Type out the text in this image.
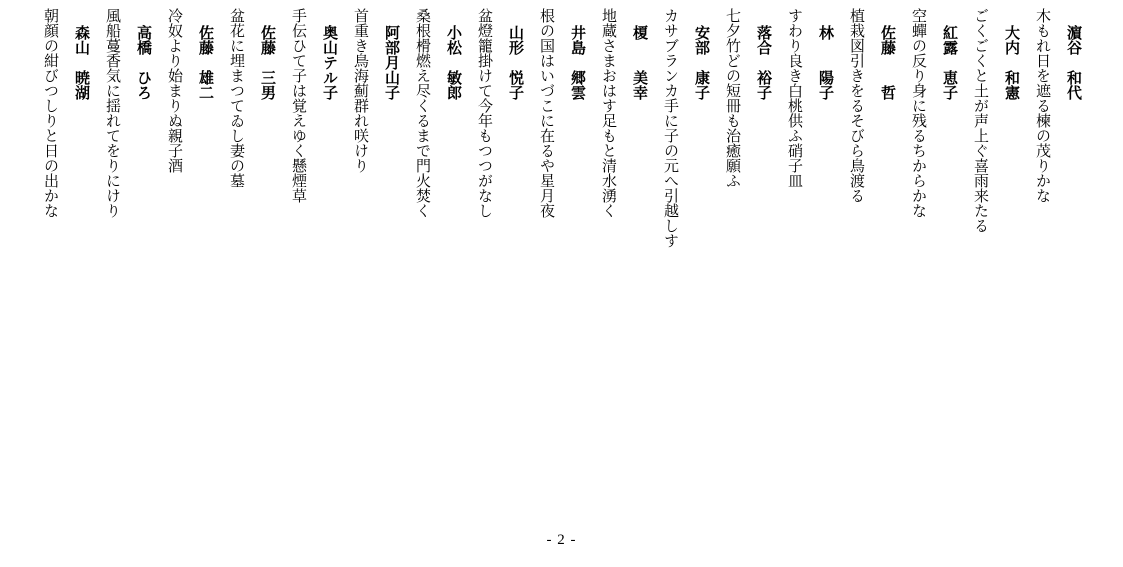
濵谷　和代
木もれ日を遮る楝の茂りかな
大内　和憲
ごくごくと土が声上ぐ喜雨来たる
紅露　恵子
空蟬の反り身に残るちからかな
佐藤　　哲
植栽図引きをるそびら鳥渡る
林　　陽子
すわり良き白桃供ふ硝子皿
落合　裕子
七夕竹どの短冊も治癒願ふ
安部　康子
カサブランカ手に子の元へ引越しす
榎　　美幸
地蔵さまおはす足もと清水湧く
井島　郷雲
根の国はいづこに在るや星月夜
山形　悦子
盆燈籠掛けて今年もつつがなし
小松　敏郎
桑根榾燃え尽くるまで門火焚く
阿部月山子
首重き鳥海薊群れ咲けり
奥山テル子
手伝ひて子は覚えゆく懸煙草
佐藤　三男
盆花に埋まつてゐし妻の墓
佐藤　雄二
冷奴より始まりぬ親子酒
高橋　ひろ
風船蔓香気に揺れてをりにけり
森山　暁湖
朝顔の紺びつしりと日の出かな
- 2 -
